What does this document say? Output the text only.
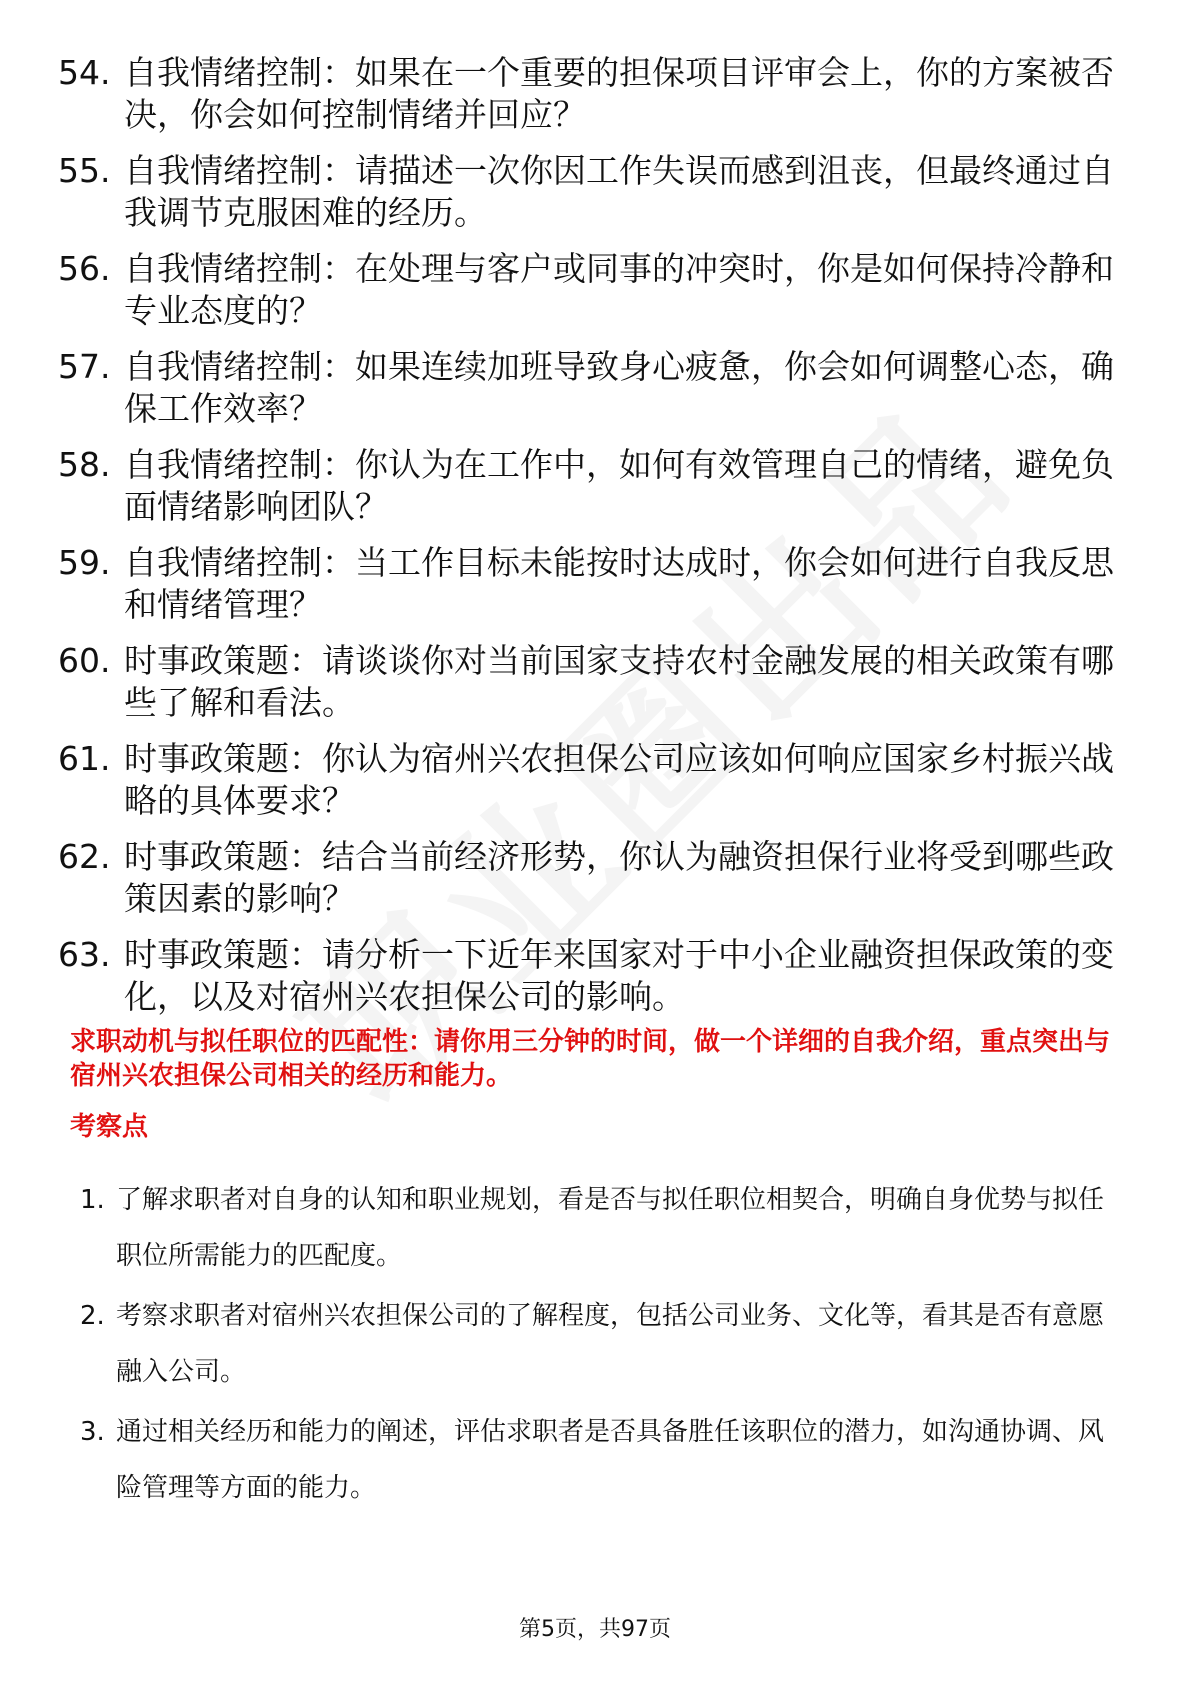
54. 自我情绪控制：如果在一个重要的担保项目评审会上，你的方案被否决，你会如何控制情绪并回应？
55. 自我情绪控制：请描述一次你因工作失误而感到沮丧，但最终通过自我调节克服困难的经历。
56. 自我情绪控制：在处理与客户或同事的冲突时，你是如何保持冷静和专业态度的？
57. 自我情绪控制：如果连续加班导致身心疲惫，你会如何调整心态，确保工作效率？
58. 自我情绪控制：你认为在工作中，如何有效管理自己的情绪，避免负面情绪影响团队？
59. 自我情绪控制：当工作目标未能按时达成时，你会如何进行自我反思和情绪管理？
60. 时事政策题：请谈谈你对当前国家支持农村金融发展的相关政策有哪些了解和看法。
61. 时事政策题：你认为宿州兴农担保公司应该如何响应国家乡村振兴战略的具体要求？
62. 时事政策题：结合当前经济形势，你认为融资担保行业将受到哪些政策因素的影响？
63. 时事政策题：请分析一下近年来国家对于中小企业融资担保政策的变化，以及对宿州兴农担保公司的影响。
求职动机与拟任职位的匹配性：请你用三分钟的时间，做一个详细的自我介绍，重点突出与宿州兴农担保公司相关的经历和能力。
考察点
1. 了解求职者对自身的认知和职业规划，看是否与拟任职位相契合，明确自身优势与拟任职位所需能力的匹配度。
2. 考察求职者对宿州兴农担保公司的了解程度，包括公司业务、文化等，看其是否有意愿融入公司。
3. 通过相关经历和能力的阐述，评估求职者是否具备胜任该职位的潜力，如沟通协调、风险管理等方面的能力。
第5页，共97页
